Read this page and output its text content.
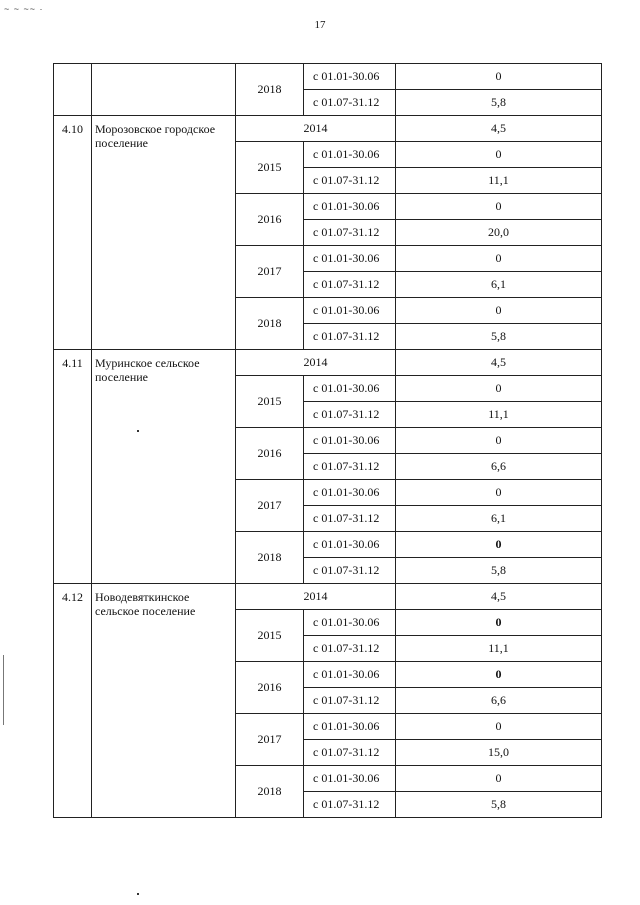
~ ~ ~~ ·
17
		2018	с 01.01-30.06	0
			с 01.07-31.12	5,8
4.10	Морозовское городское поселение	2014		4,5
		2015	с 01.01-30.06	0
			с 01.07-31.12	11,1
		2016	с 01.01-30.06	0
			с 01.07-31.12	20,0
		2017	с 01.01-30.06	0
			с 01.07-31.12	6,1
		2018	с 01.01-30.06	0
			с 01.07-31.12	5,8
4.11	Муринское сельское поселение	2014		4,5
		2015	с 01.01-30.06	0
			с 01.07-31.12	11,1
		2016	с 01.01-30.06	0
			с 01.07-31.12	6,6
		2017	с 01.01-30.06	0
			с 01.07-31.12	6,1
		2018	с 01.01-30.06	0
			с 01.07-31.12	5,8
4.12	Новодевяткинское сельское поселение	2014		4,5
		2015	с 01.01-30.06	0
			с 01.07-31.12	11,1
		2016	с 01.01-30.06	0
			с 01.07-31.12	6,6
		2017	с 01.01-30.06	0
			с 01.07-31.12	15,0
		2018	с 01.01-30.06	0
			с 01.07-31.12	5,8
